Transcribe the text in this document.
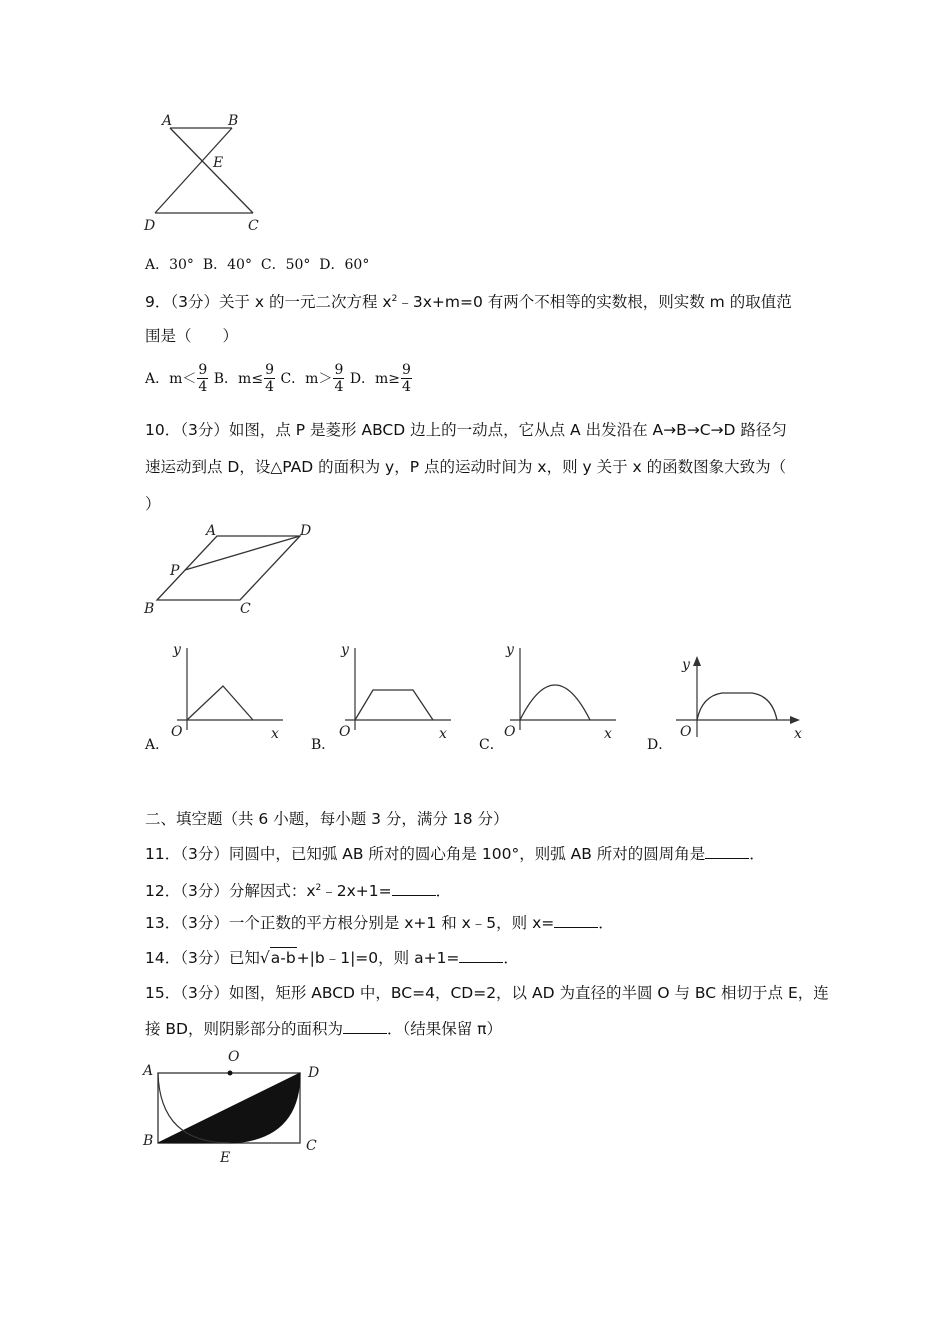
A	B
E
D	C
A．30° B．40° C．50° D．60°
9．（3分）关于 x 的一元二次方程 $x^2﹣3x+m=0$ 有两个不相等的实数根，则实数 m 的取值范
围是（　　）
A．$m< \frac{9}{4}$ B．$m\le \frac{9}{4}$ C．$m> \frac{9}{4}$ D．$m\ge \frac{9}{4}$
10．（3分）如图，点 P 是菱形 ABCD 边上的一动点，它从点 A 出发沿在 A→B→C→D 路径匀
速运动到点 D，设△PAD 的面积为 y，P 点的运动时间为 x，则 y 关于 x 的函数图象大致为（
）
A	D
P
B	C
y
O	x
A．
y
O	x
B．
y
O	x
C．
y
O	x
D．
二、填空题（共 6 小题，每小题 3 分，满分 18 分）
11．（3分）同圆中，已知弧 AB 所对的圆心角是 100°，则弧 AB 所对的圆周角是	．
12．（3分）分解因式：$x^2﹣2x+1=$	．
13．（3分）一个正数的平方根分别是 x+1 和 x﹣5，则 x=	．
14．（3分）已知√a-b+|b﹣1|=0，则 a+1=	．
15．（3分）如图，矩形 ABCD 中，BC=4，CD=2，以 AD 为直径的半圆 O 与 BC 相切于点 E，连
接 BD，则阴影部分的面积为	．（结果保留 π）
A
O
D
B
E
C
